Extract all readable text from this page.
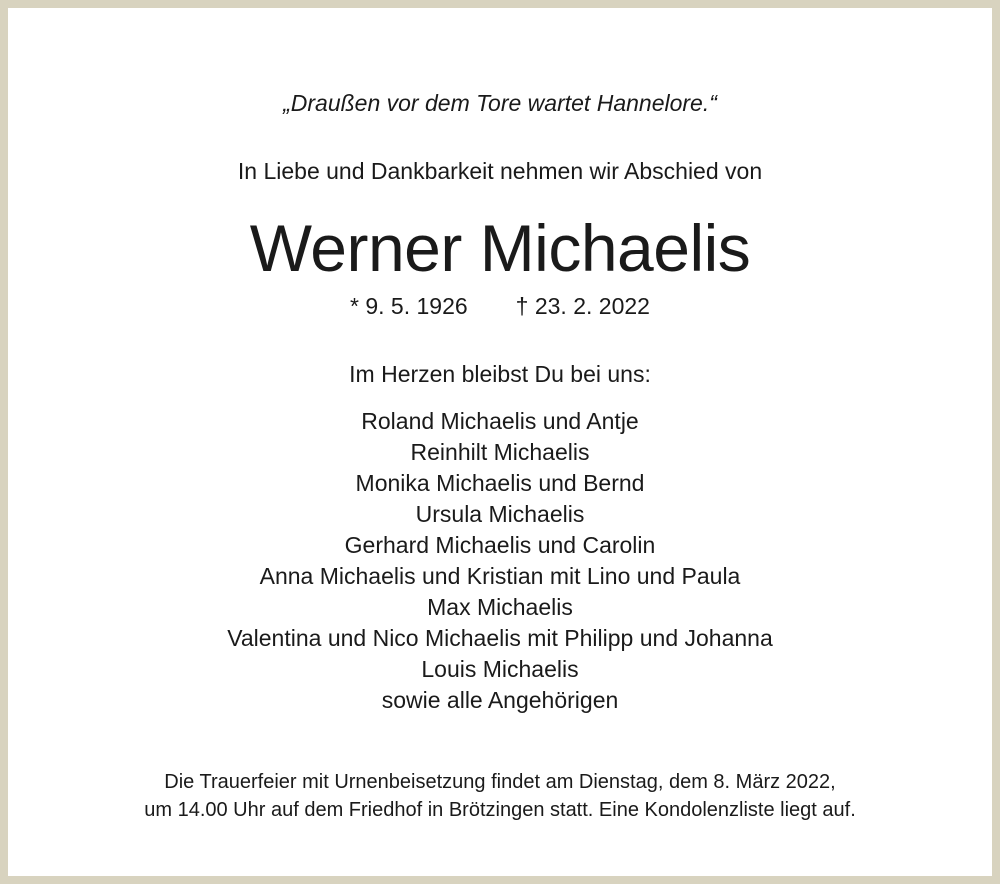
„Draußen vor dem Tore wartet Hannelore.“
In Liebe und Dankbarkeit nehmen wir Abschied von
Werner Michaelis
* 9. 5. 1926 † 23. 2. 2022
Im Herzen bleibst Du bei uns:
Roland Michaelis und Antje
Reinhilt Michaelis
Monika Michaelis und Bernd
Ursula Michaelis
Gerhard Michaelis und Carolin
Anna Michaelis und Kristian mit Lino und Paula
Max Michaelis
Valentina und Nico Michaelis mit Philipp und Johanna
Louis Michaelis
sowie alle Angehörigen
Die Trauerfeier mit Urnenbeisetzung findet am Dienstag, dem 8. März 2022,
um 14.00 Uhr auf dem Friedhof in Brötzingen statt. Eine Kondolenzliste liegt auf.
